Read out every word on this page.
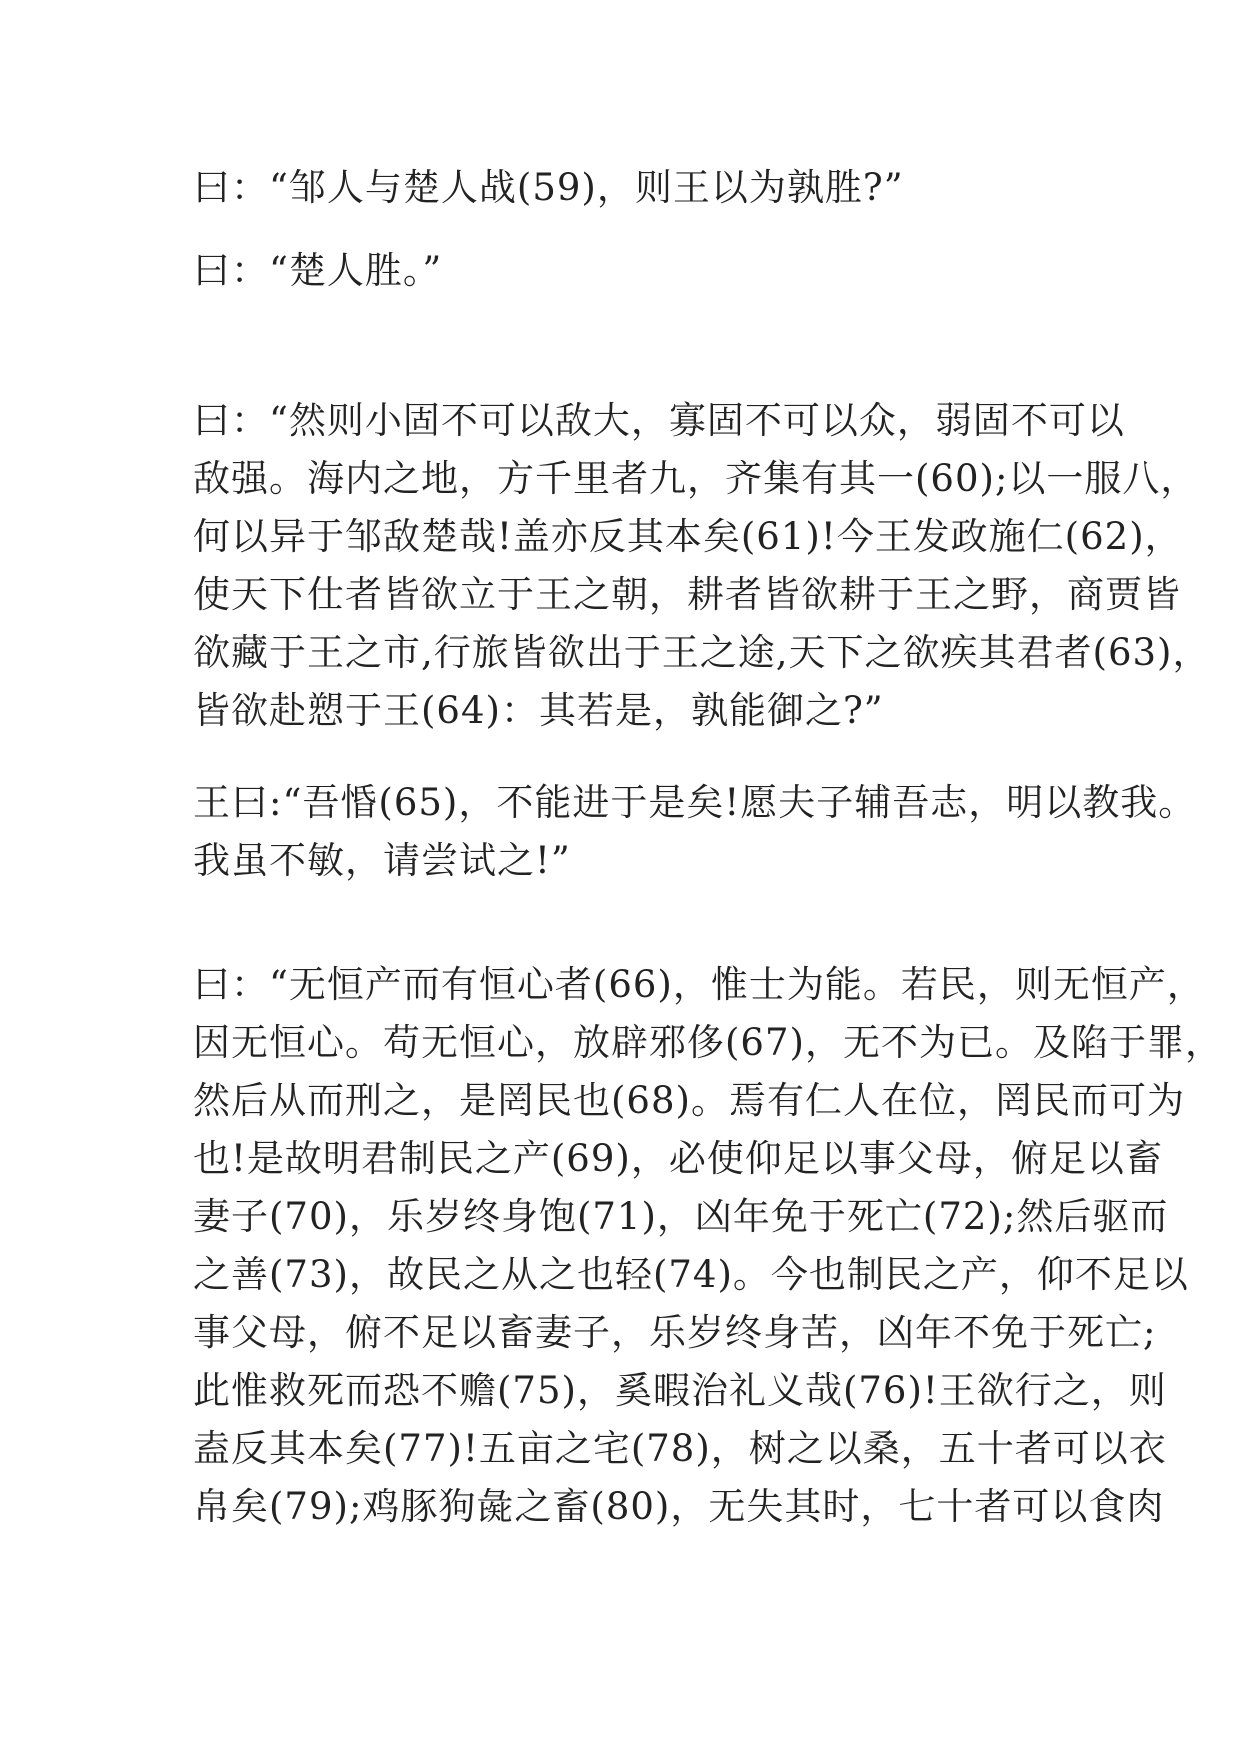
曰：“邹人与楚人战(59)，则王以为孰胜?”

曰：“楚人胜。”

曰：“然则小固不可以敌大，寡固不可以众，弱固不可以
敌强。海内之地，方千里者九，齐集有其一(60);以一服八，
何以异于邹敌楚哉!盖亦反其本矣(61)!今王发政施仁(62)，
使天下仕者皆欲立于王之朝，耕者皆欲耕于王之野，商贾皆
欲藏于王之市,行旅皆欲出于王之途,天下之欲疾其君者(63)，
皆欲赴愬于王(64)：其若是，孰能御之?”

王曰:“吾惛(65)，不能进于是矣!愿夫子辅吾志，明以教我。
我虽不敏，请尝试之!”

曰：“无恒产而有恒心者(66)，惟士为能。若民，则无恒产，
因无恒心。苟无恒心，放辟邪侈(67)，无不为已。及陷于罪，
然后从而刑之，是罔民也(68)。焉有仁人在位，罔民而可为
也!是故明君制民之产(69)，必使仰足以事父母，俯足以畜
妻子(70)，乐岁终身饱(71)，凶年免于死亡(72);然后驱而
之善(73)，故民之从之也轻(74)。今也制民之产，仰不足以
事父母，俯不足以畜妻子，乐岁终身苦，凶年不免于死亡;
此惟救死而恐不赡(75)，奚暇治礼义哉(76)!王欲行之，则
盍反其本矣(77)!五亩之宅(78)，树之以桑，五十者可以衣
帛矣(79);鸡豚狗彘之畜(80)，无失其时，七十者可以食肉
